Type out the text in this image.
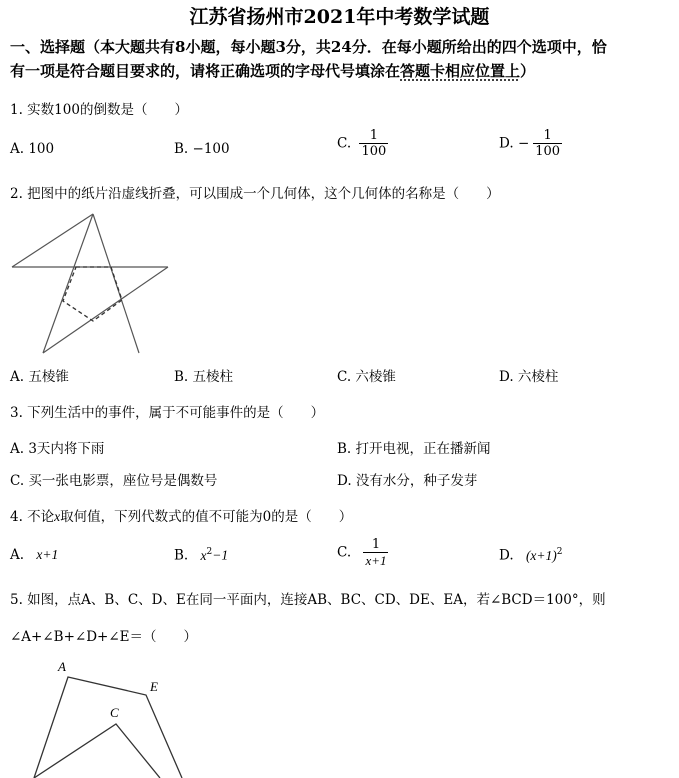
江苏省扬州市2021年中考数学试题
一、选择题（本大题共有8小题，每小题3分，共24分．在每小题所给出的四个选项中，恰
有一项是符合题目要求的，请将正确选项的字母代号填涂在答题卡相应位置上）
1. 实数100的倒数是（　　）
A. 100	B. −100	C. $\frac{1}{100}$	D. − $\frac{1}{100}$
2. 把图中的纸片沿虚线折叠，可以围成一个几何体，这个几何体的名称是（　　）
A. 五棱锥	B. 五棱柱	C. 六棱锥	D. 六棱柱
3. 下列生活中的事件，属于不可能事件的是（　　）
A. 3天内将下雨	B. 打开电视，正在播新闻
C. 买一张电影票，座位号是偶数号	D. 没有水分，种子发芽
4. 不论x取何值，下列代数式的值不可能为0的是（　　）
A. x+1	B. $x^2-1$	C. $\frac{1}{x+1}$	D. $(x+1)^2$
5. 如图，点A、B、C、D、E在同一平面内，连接AB、BC、CD、DE、EA，若∠BCD＝100°，则
∠A+∠B+∠D+∠E＝（　　）
A
E
C
